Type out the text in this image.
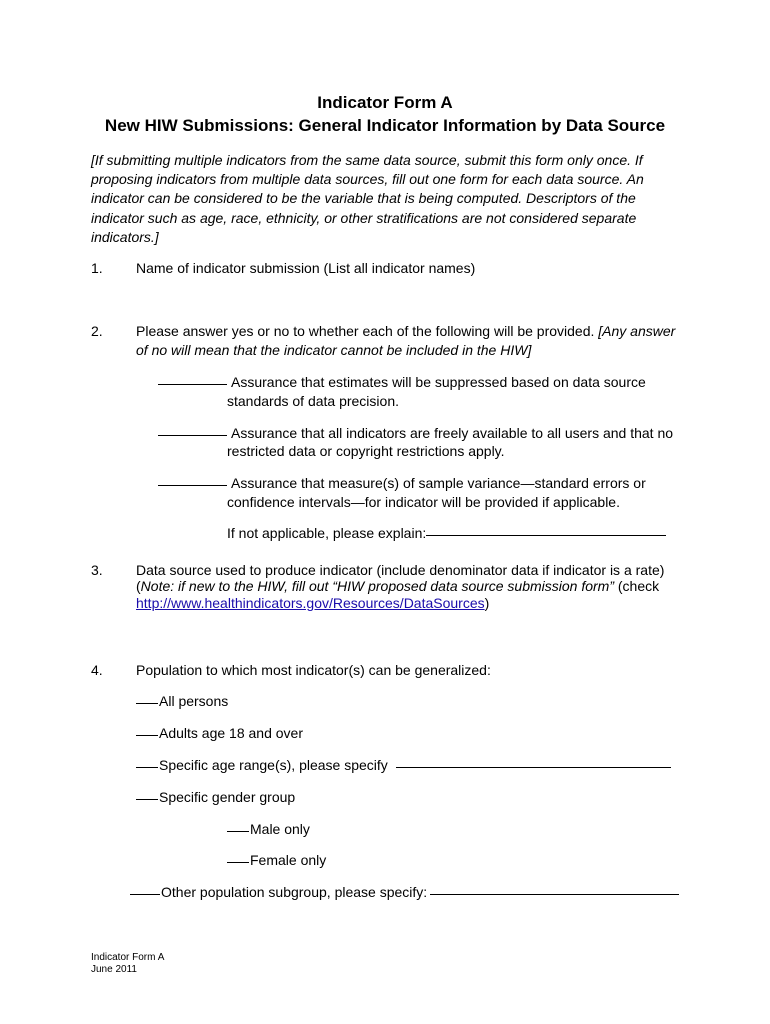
Indicator Form A
New HIW Submissions: General Indicator Information by Data Source
[If submitting multiple indicators from the same data source, submit this form only once. If proposing indicators from multiple data sources, fill out one form for each data source. An indicator can be considered to be the variable that is being computed. Descriptors of the indicator such as age, race, ethnicity, or other stratifications are not considered separate indicators.]
1. Name of indicator submission (List all indicator names)
2. Please answer yes or no to whether each of the following will be provided. [Any answer
of no will mean that the indicator cannot be included in the HIW]
Assurance that estimates will be suppressed based on data source
standards of data precision.
Assurance that all indicators are freely available to all users and that no
restricted data or copyright restrictions apply.
Assurance that measure(s) of sample variance—standard errors or
confidence intervals—for indicator will be provided if applicable.
If not applicable, please explain:
3. Data source used to produce indicator (include denominator data if indicator is a rate)
(Note: if new to the HIW, fill out “HIW proposed data source submission form” (check
http://www.healthindicators.gov/Resources/DataSources)
4. Population to which most indicator(s) can be generalized:
All persons
Adults age 18 and over
Specific age range(s), please specify
Specific gender group
Male only
Female only
Other population subgroup, please specify:
Indicator Form A
June 2011
